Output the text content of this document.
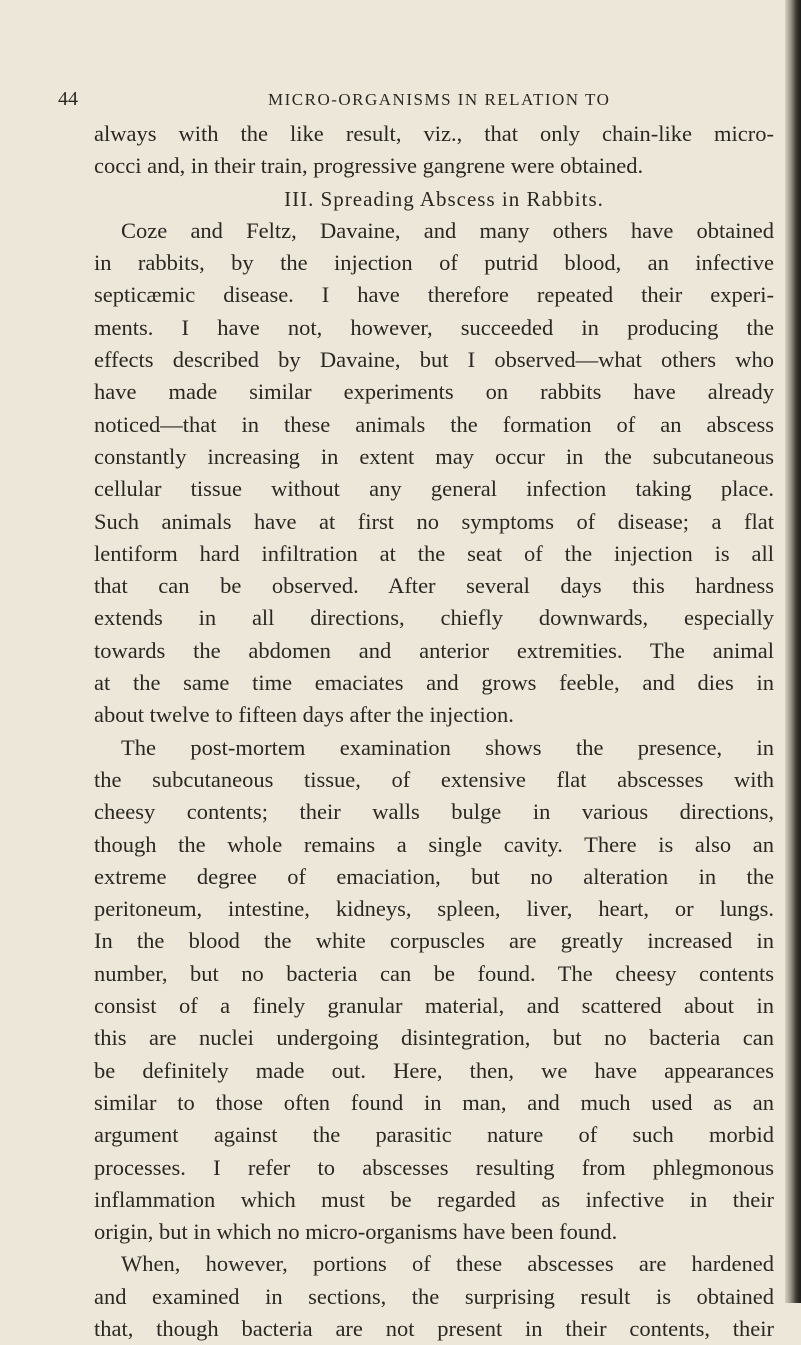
44	MICRO-ORGANISMS IN RELATION TO
always with the like result, viz., that only chain-like micro-
cocci and, in their train, progressive gangrene were obtained.
III. Spreading Abscess in Rabbits.
Coze and Feltz, Davaine, and many others have obtained
in rabbits, by the injection of putrid blood, an infective
septicæmic disease. I have therefore repeated their experi-
ments. I have not, however, succeeded in producing the
effects described by Davaine, but I observed—what others who
have made similar experiments on rabbits have already
noticed—that in these animals the formation of an abscess
constantly increasing in extent may occur in the subcutaneous
cellular tissue without any general infection taking place.
Such animals have at first no symptoms of disease; a flat
lentiform hard infiltration at the seat of the injection is all
that can be observed. After several days this hardness
extends in all directions, chiefly downwards, especially
towards the abdomen and anterior extremities. The animal
at the same time emaciates and grows feeble, and dies in
about twelve to fifteen days after the injection.
The post-mortem examination shows the presence, in
the subcutaneous tissue, of extensive flat abscesses with
cheesy contents; their walls bulge in various directions,
though the whole remains a single cavity. There is also an
extreme degree of emaciation, but no alteration in the
peritoneum, intestine, kidneys, spleen, liver, heart, or lungs.
In the blood the white corpuscles are greatly increased in
number, but no bacteria can be found. The cheesy contents
consist of a finely granular material, and scattered about in
this are nuclei undergoing disintegration, but no bacteria can
be definitely made out. Here, then, we have appearances
similar to those often found in man, and much used as an
argument against the parasitic nature of such morbid
processes. I refer to abscesses resulting from phlegmonous
inflammation which must be regarded as infective in their
origin, but in which no micro-organisms have been found.
When, however, portions of these abscesses are hardened
and examined in sections, the surprising result is obtained
that, though bacteria are not present in their contents, their
